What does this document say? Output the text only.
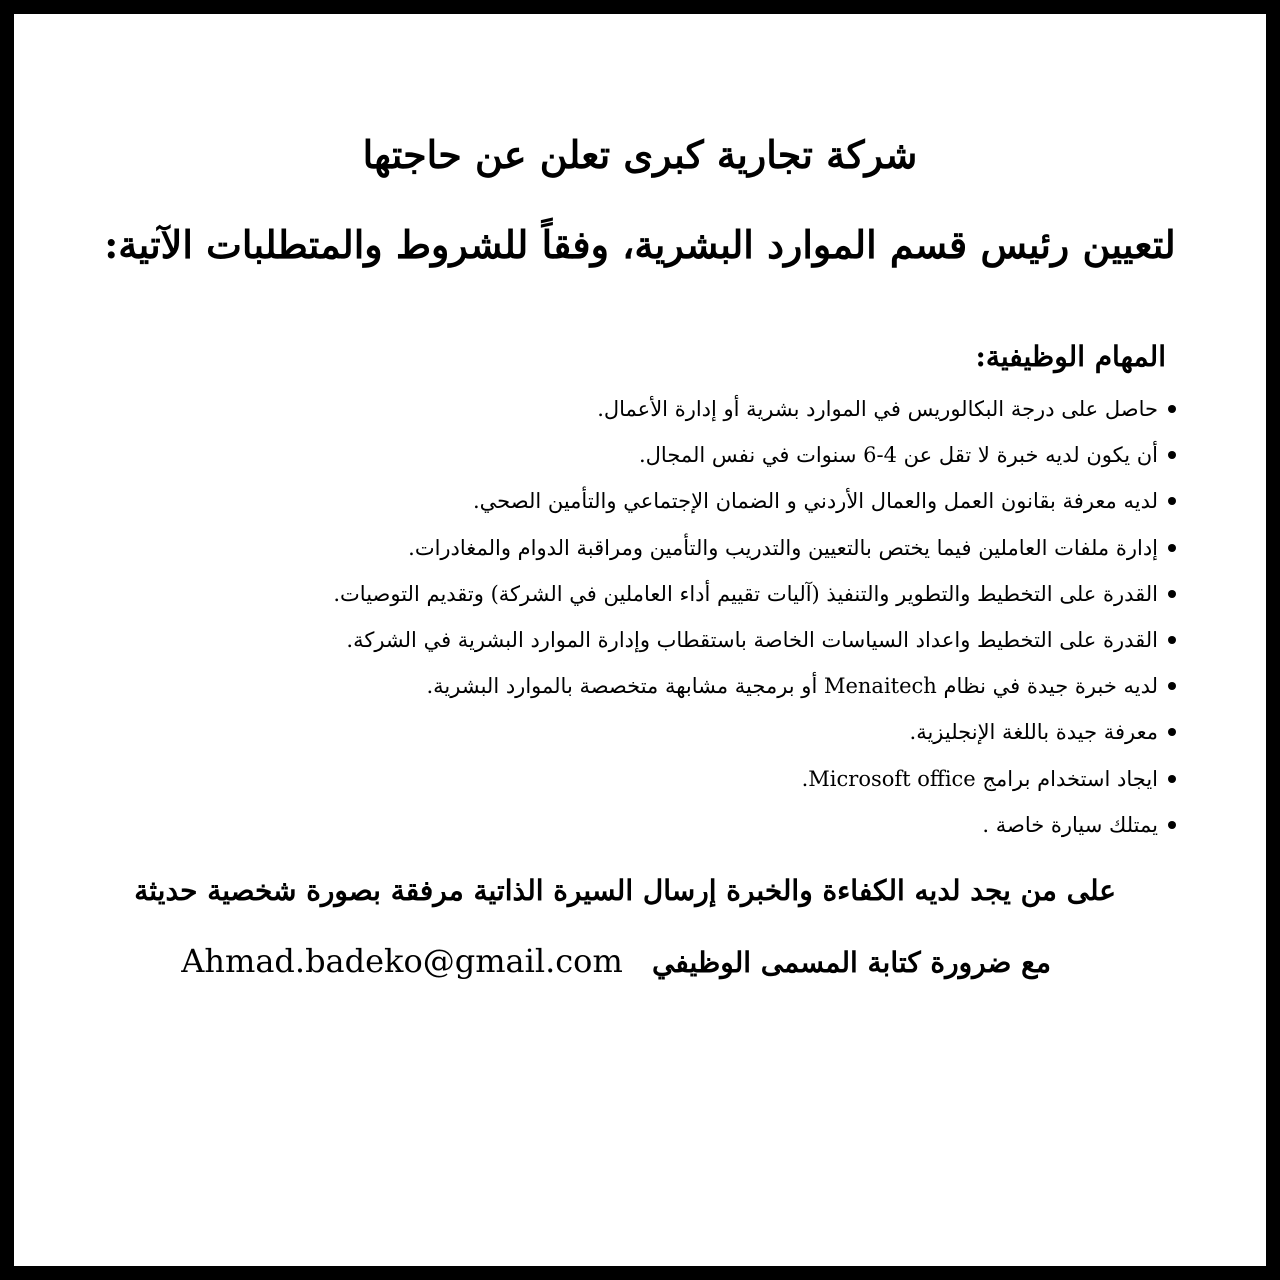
شركة تجارية كبرى تعلن عن حاجتها
لتعيين رئيس قسم الموارد البشرية، وفقاً للشروط والمتطلبات الآتية:
المهام الوظيفية:
حاصل على درجة البكالوريس في الموارد بشرية أو إدارة الأعمال.
أن يكون لديه خبرة لا تقل عن 4-6 سنوات في نفس المجال.
لديه معرفة بقانون العمل والعمال الأردني و الضمان الإجتماعي والتأمين الصحي.
إدارة ملفات العاملين فيما يختص بالتعيين والتدريب والتأمين ومراقبة الدوام والمغادرات.
القدرة على التخطيط والتطوير والتنفيذ (آليات تقييم أداء العاملين في الشركة) وتقديم التوصيات.
القدرة على التخطيط واعداد السياسات الخاصة باستقطاب وإدارة الموارد البشرية في الشركة.
لديه خبرة جيدة في نظام Menaitech أو برمجية مشابهة متخصصة بالموارد البشرية.
معرفة جيدة باللغة الإنجليزية.
ايجاد استخدام برامج Microsoft office.
يمتلك سيارة خاصة .
على من يجد لديه الكفاءة والخبرة إرسال السيرة الذاتية مرفقة بصورة شخصية حديثة
مع ضرورة كتابة المسمى الوظيفي   Ahmad.badeko@gmail.com
